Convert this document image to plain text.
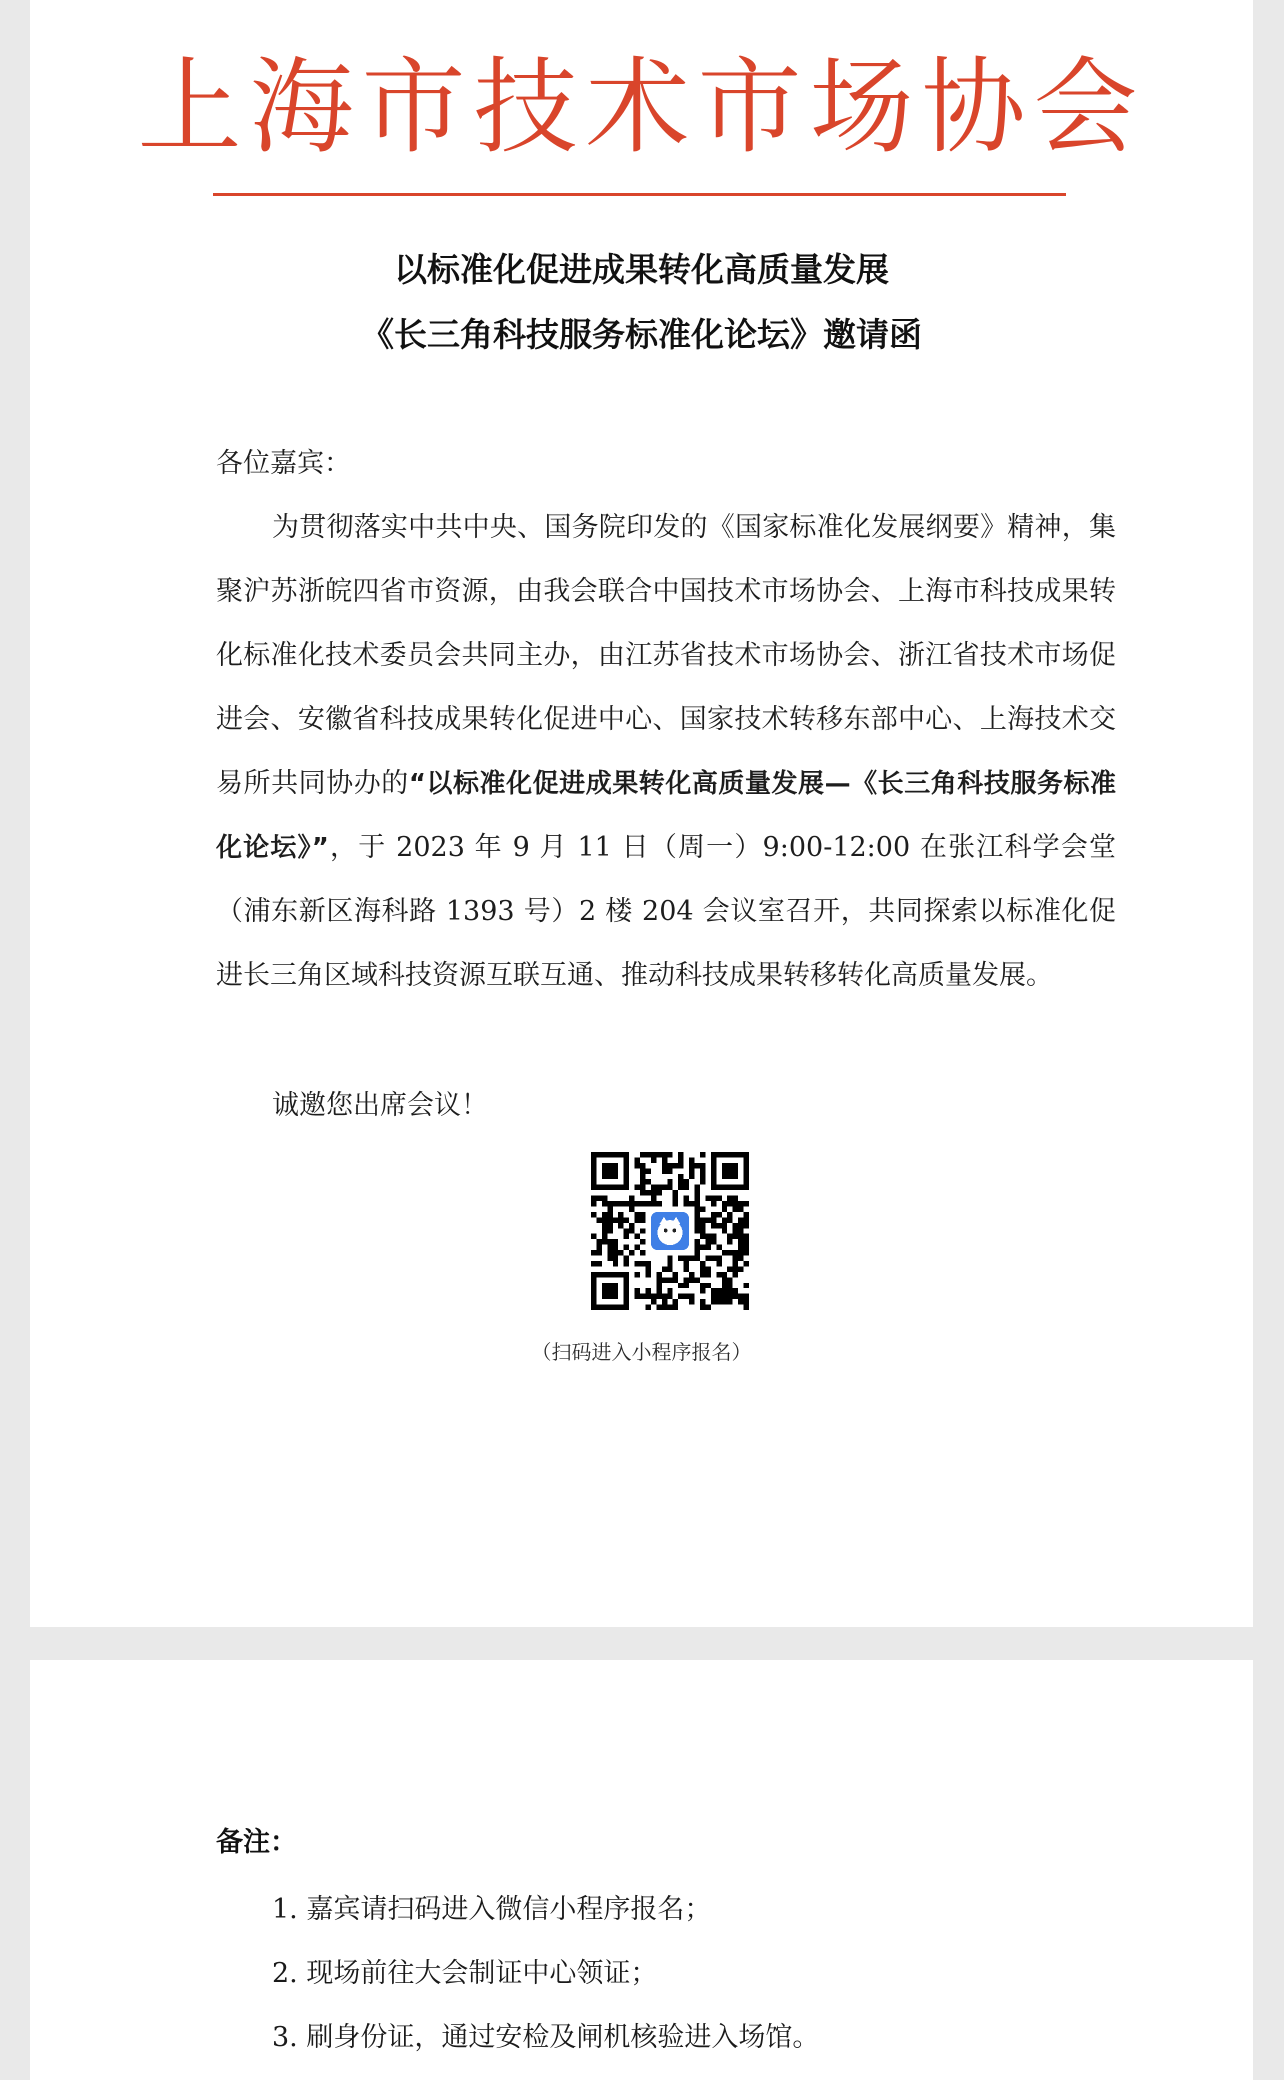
上海市技术市场协会
以标准化促进成果转化高质量发展
《长三角科技服务标准化论坛》邀请函
各位嘉宾：
为贯彻落实中共中央、国务院印发的《国家标准化发展纲要》精神，集聚沪苏浙皖四省市资源，由我会联合中国技术市场协会、上海市科技成果转化标准化技术委员会共同主办，由江苏省技术市场协会、浙江省技术市场促进会、安徽省科技成果转化促进中心、国家技术转移东部中心、上海技术交易所共同协办的“以标准化促进成果转化高质量发展—《长三角科技服务标准化论坛》”，于 2023 年 9 月 11 日（周一）9:00-12:00 在张江科学会堂（浦东新区海科路 1393 号）2 楼 204 会议室召开，共同探索以标准化促进长三角区域科技资源互联互通、推动科技成果转移转化高质量发展。
诚邀您出席会议！
（扫码进入小程序报名）
备注：
1. 嘉宾请扫码进入微信小程序报名；
2. 现场前往大会制证中心领证；
3. 刷身份证，通过安检及闸机核验进入场馆。
